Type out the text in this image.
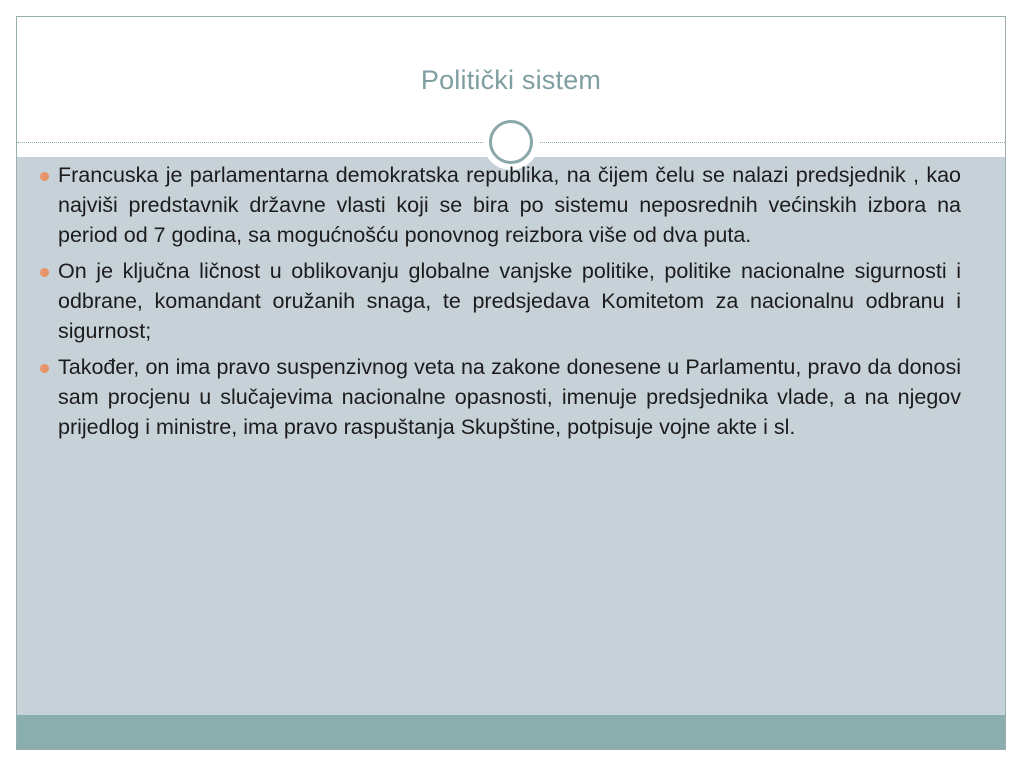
Politički sistem
Francuska je parlamentarna demokratska republika, na čijem čelu se nalazi predsjednik , kao najviši predstavnik državne vlasti koji se bira po sistemu neposrednih većinskih izbora na period od 7 godina, sa mogućnošću ponovnog reizbora više od dva puta.
On je ključna ličnost u oblikovanju globalne vanjske politike, politike nacionalne sigurnosti i odbrane, komandant oružanih snaga, te predsjedava Komitetom za nacionalnu odbranu i sigurnost;
Također, on ima pravo suspenzivnog veta na zakone donesene u Parlamentu, pravo da donosi sam procjenu u slučajevima nacionalne opasnosti, imenuje predsjednika vlade, a na njegov prijedlog i ministre, ima pravo raspuštanja Skupštine, potpisuje vojne akte i sl.
